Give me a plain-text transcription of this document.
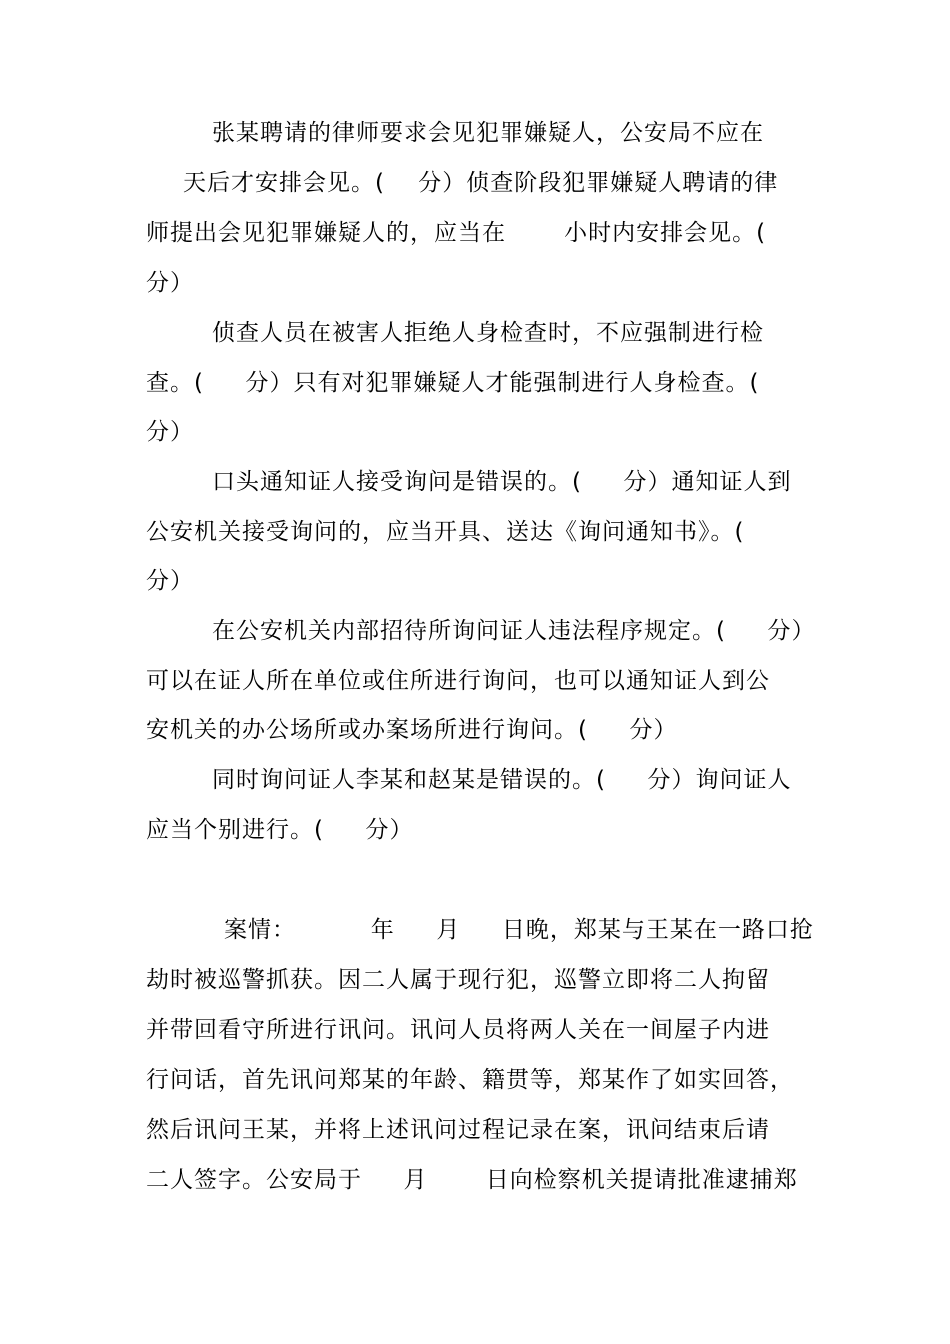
张某聘请的律师要求会见犯罪嫌疑人，公安局不应在
天后才安排会见。(    分）侦查阶段犯罪嫌疑人聘请的律
师提出会见犯罪嫌疑人的，应当在       小时内安排会见。(
分）
侦查人员在被害人拒绝人身检查时，不应强制进行检
查。(     分）只有对犯罪嫌疑人才能强制进行人身检查。(
分）
口头通知证人接受询问是错误的。(     分）通知证人到
公安机关接受询问的，应当开具、送达《询问通知书》。(
分）
在公安机关内部招待所询问证人违法程序规定。(     分）
可以在证人所在单位或住所进行询问，也可以通知证人到公
安机关的办公场所或办案场所进行询问。(     分）
同时询问证人李某和赵某是错误的。(     分）询问证人
应当个别进行。(     分）
案情：         年     月     日晚，郑某与王某在一路口抢
劫时被巡警抓获。因二人属于现行犯，巡警立即将二人拘留
并带回看守所进行讯问。讯问人员将两人关在一间屋子内进
行问话，首先讯问郑某的年龄、籍贯等，郑某作了如实回答，
然后讯问王某，并将上述讯问过程记录在案，讯问结束后请
二人签字。公安局于     月       日向检察机关提请批准逮捕郑
